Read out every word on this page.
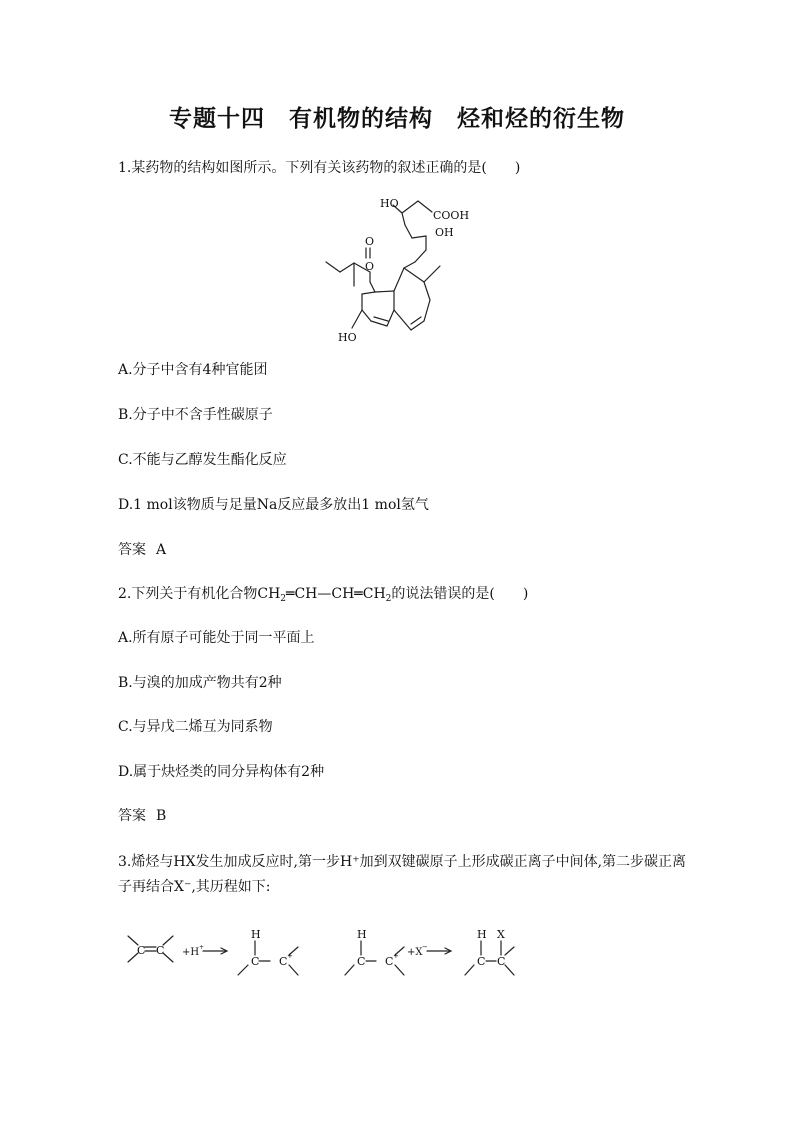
专题十四　有机物的结构　烃和烃的衍生物
1.某药物的结构如图所示。下列有关该药物的叙述正确的是(　　)
HO
COOH
OH
O
O
HO
A.分子中含有4种官能团
B.分子中不含手性碳原子
C.不能与乙醇发生酯化反应
D.1 mol该物质与足量Na反应最多放出1 mol氢气
答案 A
2.下列关于有机化合物$CH_2═CH—CH═CH_2$的说法错误的是(　　)
A.所有原子可能处于同一平面上
B.与溴的加成产物共有2种
C.与异戊二烯互为同系物
D.属于炔烃类的同分异构体有2种
答案 B
3.烯烃与HX发生加成反应时,第一步H⁺加到双键碳原子上形成碳正离子中间体,第二步碳正离子再结合X⁻,其历程如下:
C C +H +
H
C C +
H
C C + +X −
H X
C C
